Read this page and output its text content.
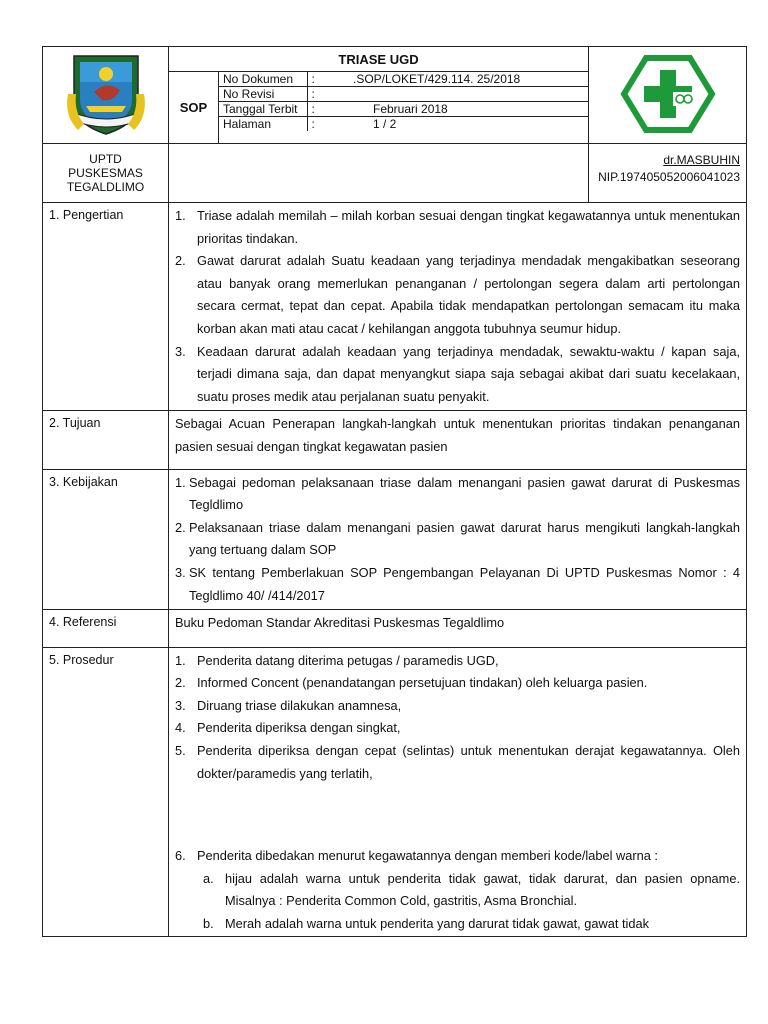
	TRIASE UGD	
SOP	
No Dokumen	:	.SOP/LOKET/429.114. 25/2018
No Revisi	:	
Tanggal Terbit	:	Februari 2018
Halaman	:	1 / 2

UPTD
PUSKESMAS
TEGALDLIMO

dr.MASBUHIN
NIP.197405052006041023

1. Pengertian	1. Triase adalah memilah – milah korban sesuai dengan tingkat kegawatannya untuk menentukan prioritas tindakan.
2. Gawat darurat adalah Suatu keadaan yang terjadinya mendadak mengakibatkan seseorang atau banyak orang memerlukan penanganan / pertolongan segera dalam arti pertolongan secara cermat, tepat dan cepat. Apabila tidak mendapatkan pertolongan semacam itu maka korban akan mati atau cacat / kehilangan anggota tubuhnya seumur hidup.
3. Keadaan darurat adalah keadaan yang terjadinya mendadak, sewaktu-waktu / kapan saja, terjadi dimana saja, dan dapat menyangkut siapa saja sebagai akibat dari suatu kecelakaan, suatu proses medik atau perjalanan suatu penyakit.

2. Tujuan	Sebagai Acuan Penerapan langkah-langkah untuk menentukan prioritas tindakan penanganan pasien sesuai dengan tingkat kegawatan pasien

3. Kebijakan	1. Sebagai pedoman pelaksanaan triase dalam menangani pasien gawat darurat di Puskesmas Tegldlimo
2. Pelaksanaan triase dalam menangani pasien gawat darurat harus mengikuti langkah-langkah yang tertuang dalam SOP
3. SK tentang Pemberlakuan SOP Pengembangan Pelayanan Di UPTD Puskesmas Nomor : 4 Tegldlimo 40/ /414/2017

4. Referensi	Buku Pedoman Standar Akreditasi Puskesmas Tegaldlimo

5. Prosedur	1. Penderita datang diterima petugas / paramedis UGD,
2. Informed Concent (penandatangan persetujuan tindakan) oleh keluarga pasien.
3. Diruang triase dilakukan anamnesa,
4. Penderita diperiksa dengan singkat,
5. Penderita diperiksa dengan cepat (selintas) untuk menentukan derajat kegawatannya. Oleh dokter/paramedis yang terlatih,
6. Penderita dibedakan menurut kegawatannya dengan memberi kode/label warna :
a. hijau adalah warna untuk penderita tidak gawat, tidak darurat, dan pasien opname. Misalnya : Penderita Common Cold, gastritis, Asma Bronchial.
b. Merah adalah warna untuk penderita yang darurat tidak gawat, gawat tidak
